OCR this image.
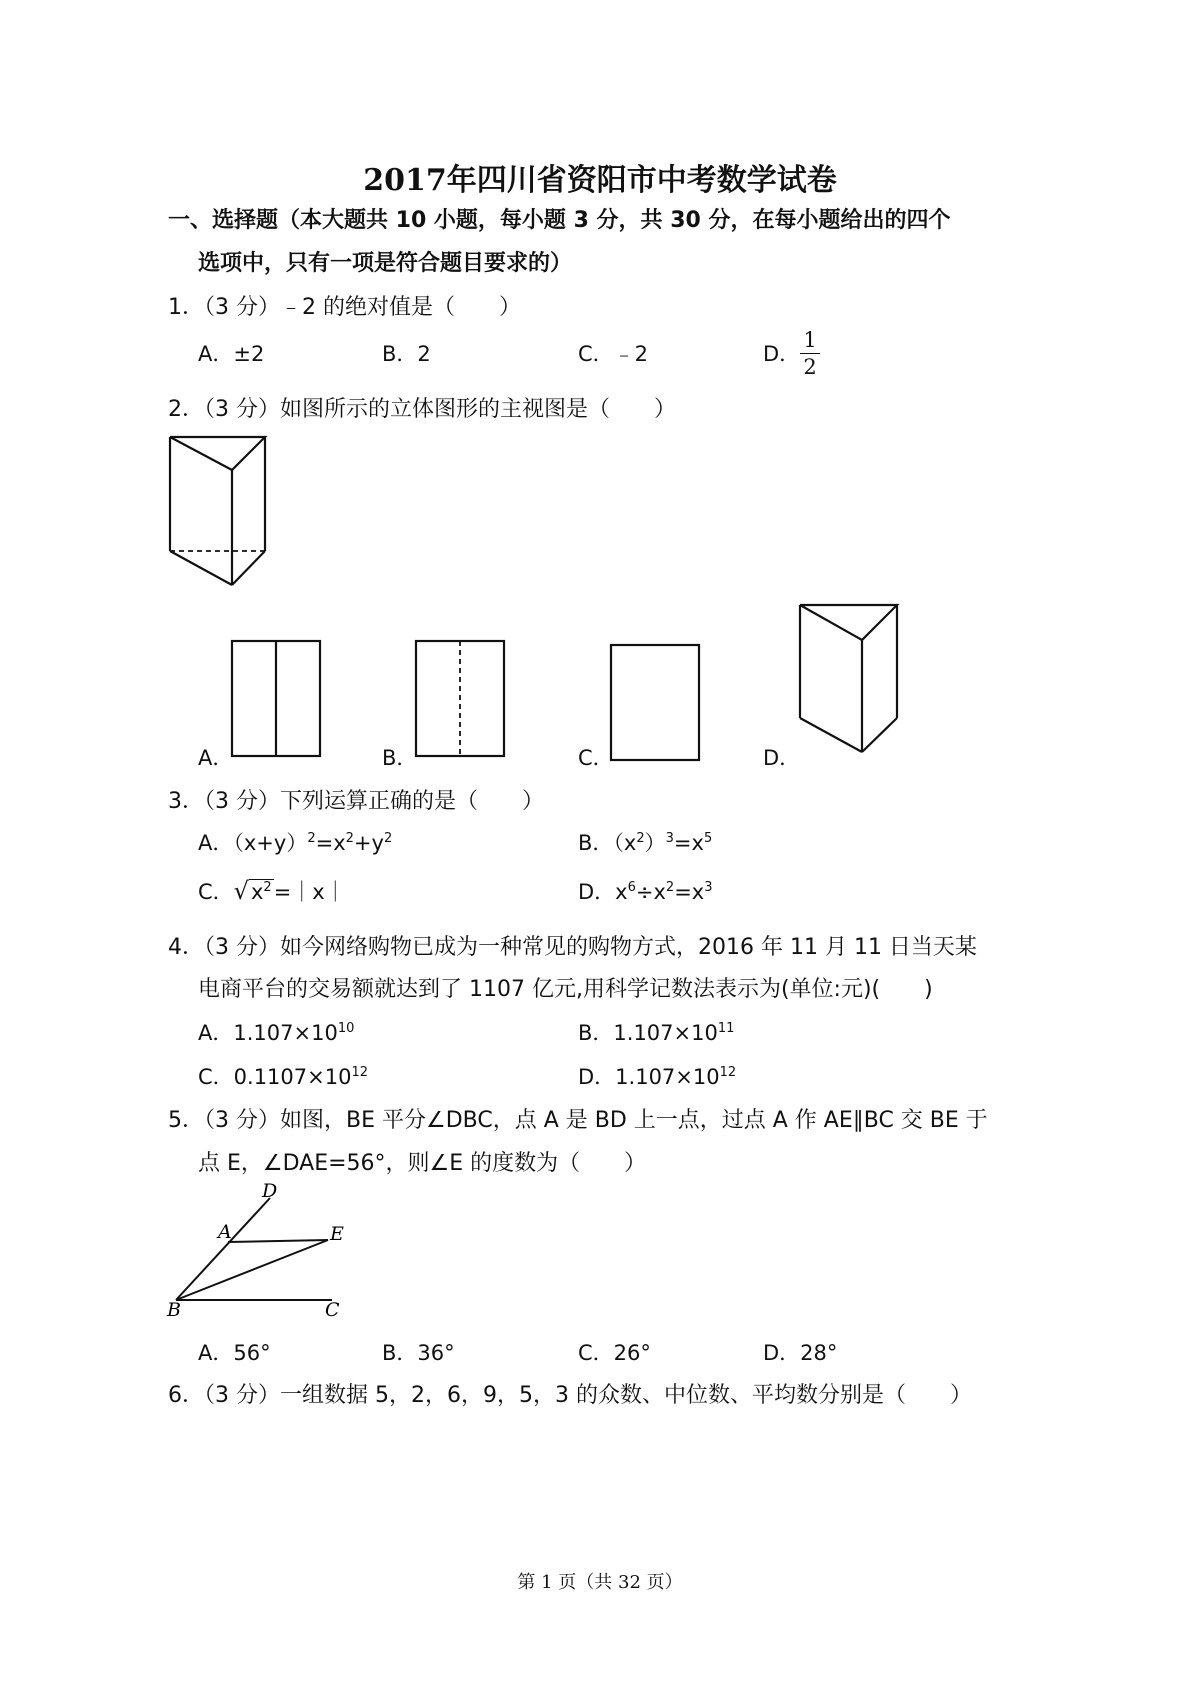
2017年四川省资阳市中考数学试卷
一、选择题（本大题共 10 小题，每小题 3 分，共 30 分，在每小题给出的四个
选项中，只有一项是符合题目要求的）
1．（3 分）﹣2 的绝对值是（　　）
A．±2	B．2	C．﹣2	D．
1
2
2．（3 分）如图所示的立体图形的主视图是（　　）
D
A	E
B	C
A．	B．	C．	D．
3．（3 分）下列运算正确的是（　　）
A．$(x+y)^2=x^2+y^2$	B．$(x^2)^3=x^5$
C．$√x^2=|x|$	D．$x^6\div x^2=x^3$
4．（3 分）如今网络购物已成为一种常见的购物方式，2016 年 11 月 11 日当天某
电商平台的交易额就达到了 1107 亿元,用科学记数法表示为(单位:元)(　　)
A．$1.107\times 10^{10}$	B．$1.107\times 10^{11}$
C．$0.1107\times 10^{12}$	D．$1.107\times 10^{12}$
5．（3 分）如图，BE 平分∠DBC，点 A 是 BD 上一点，过点 A 作 AE∥BC 交 BE 于
点 E，∠DAE=56°，则∠E 的度数为（　　）
A．56°	B．36°	C．26°	D．28°
6．（3 分）一组数据 5，2，6，9，5，3 的众数、中位数、平均数分别是（　　）
第 1 页（共 32 页）
